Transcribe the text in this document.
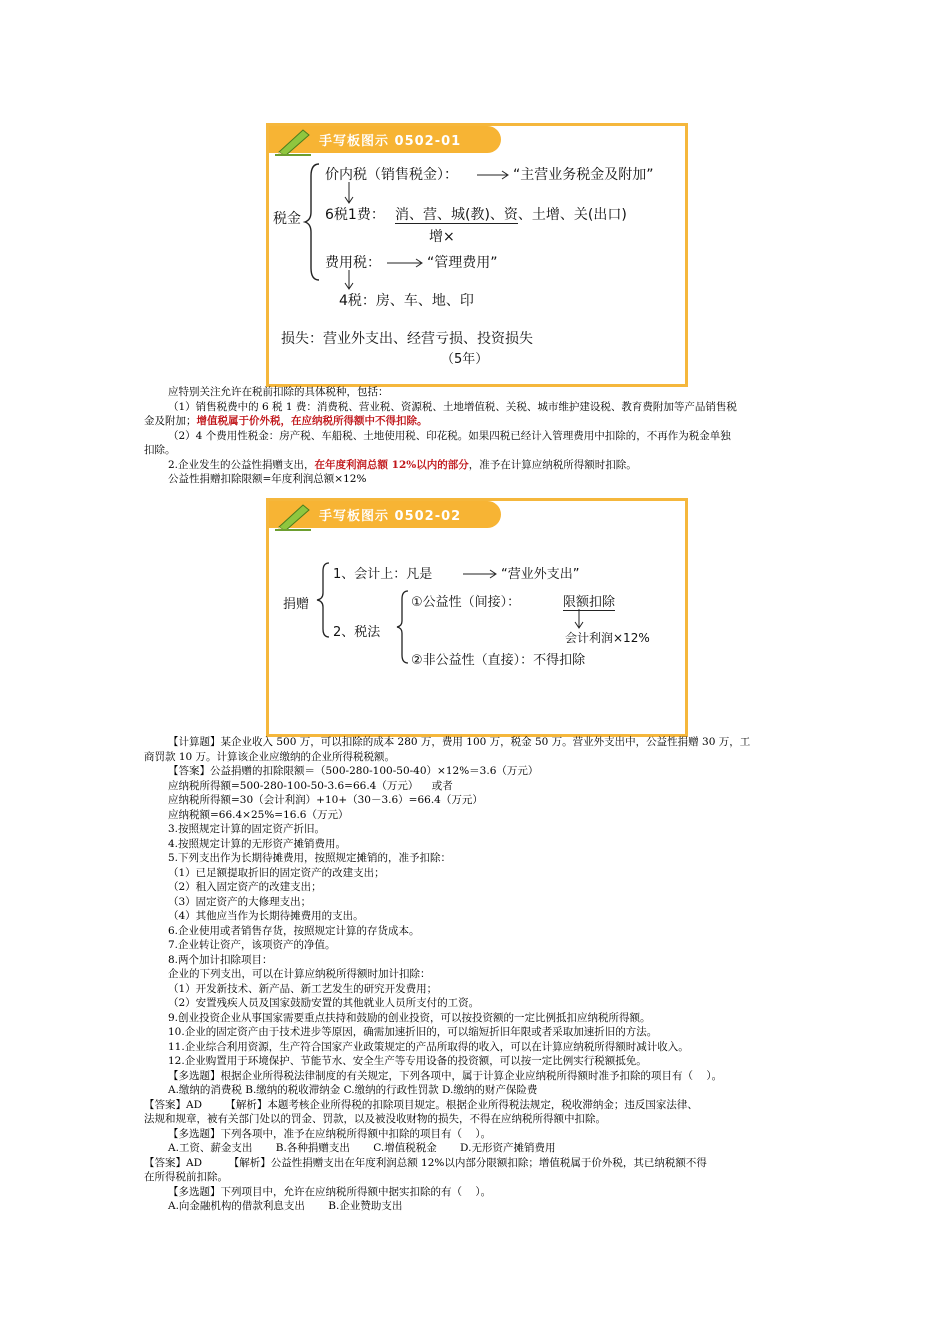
手写板图示 0502-01
税金
价内税（销售税金）：	“主营业务税金及附加”
6税1费： 消、营、城(教)、资、土增、关(出口)
增×
费用税：	“管理费用”
4税：房、车、地、印
损失：营业外支出、经营亏损、投资损失
（5年）

应特别关注允许在税前扣除的具体税种，包括：

（1）销售税费中的 6 税 1 费：消费税、营业税、资源税、土地增值税、关税、城市维护建设税、教育费附加等产品销售税

金及附加；增值税属于价外税，在应纳税所得额中不得扣除。

（2）4 个费用性税金：房产税、车船税、土地使用税、印花税。如果四税已经计入管理费用中扣除的，不再作为税金单独

扣除。

2.企业发生的公益性捐赠支出，在年度利润总额 12%以内的部分，准予在计算应纳税所得额时扣除。

公益性捐赠扣除限额=年度利润总额×12%

手写板图示 0502-02
捐赠
1、会计上：凡是	“营业外支出”
2、税法
①公益性（间接）：	限额扣除
会计利润×12%
②非公益性（直接）：不得扣除

【计算题】某企业收入 500 万，可以扣除的成本 280 万，费用 100 万，税金 50 万。营业外支出中，公益性捐赠 30 万，工

商罚款 10 万。计算该企业应缴纳的企业所得税税额。

【答案】公益捐赠的扣除限额＝（500-280-100-50-40）×12%＝3.6（万元）

应纳税所得额=500-280-100-50-3.6=66.4（万元）    或者

应纳税所得额=30（会计利润）+10+（30－3.6）=66.4（万元）

应纳税额=66.4×25%=16.6（万元）

3.按照规定计算的固定资产折旧。

4.按照规定计算的无形资产摊销费用。

5.下列支出作为长期待摊费用，按照规定摊销的，准予扣除：

（1）已足额提取折旧的固定资产的改建支出；

（2）租入固定资产的改建支出；

（3）固定资产的大修理支出；

（4）其他应当作为长期待摊费用的支出。

6.企业使用或者销售存货，按照规定计算的存货成本。

7.企业转让资产，该项资产的净值。

8.两个加计扣除项目：

企业的下列支出，可以在计算应纳税所得额时加计扣除：

（1）开发新技术、新产品、新工艺发生的研究开发费用；

（2）安置残疾人员及国家鼓励安置的其他就业人员所支付的工资。

9.创业投资企业从事国家需要重点扶持和鼓励的创业投资，可以按投资额的一定比例抵扣应纳税所得额。

10.企业的固定资产由于技术进步等原因，确需加速折旧的，可以缩短折旧年限或者采取加速折旧的方法。

11.企业综合利用资源，生产符合国家产业政策规定的产品所取得的收入，可以在计算应纳税所得额时减计收入。

12.企业购置用于环境保护、节能节水、安全生产等专用设备的投资额，可以按一定比例实行税额抵免。

【多选题】根据企业所得税法律制度的有关规定，下列各项中，属于计算企业应纳税所得额时准予扣除的项目有（    ）。

A.缴纳的消费税 B.缴纳的税收滞纳金 C.缴纳的行政性罚款 D.缴纳的财产保险费

【答案】AD       【解析】本题考核企业所得税的扣除项目规定。根据企业所得税法规定，税收滞纳金；违反国家法律、

法规和规章，被有关部门处以的罚金、罚款，以及被没收财物的损失，不得在应纳税所得额中扣除。

【多选题】下列各项中，准予在应纳税所得额中扣除的项目有（    ）。

A.工资、薪金支出       B.各种捐赠支出       C.增值税税金       D.无形资产摊销费用

【答案】AD        【解析】公益性捐赠支出在年度利润总额 12%以内部分限额扣除；增值税属于价外税，其已纳税额不得

在所得税前扣除。

【多选题】下列项目中，允许在应纳税所得额中据实扣除的有（    ）。

A.向金融机构的借款利息支出       B.企业赞助支出
